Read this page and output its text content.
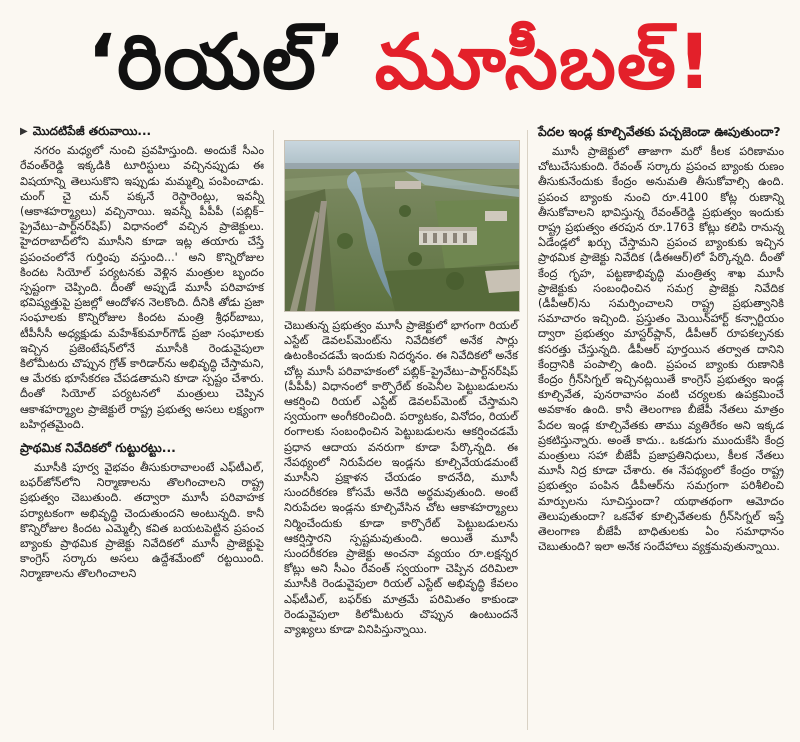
‘రియల్’ మూసీబత్!
▶ మొదటిపేజీ తరువాయి...

నగరం మధ్యలో నుంచి ప్రవహిస్తుంది. అందుకే సీఎం రేవంత్‌రెడ్డి ఇక్కడికి టూరిస్టులు వచ్చినప్పుడు ఈ విషయాన్ని తెలుసుకొని ఇప్పుడు మమ్మల్ని పంపించాడు. చుంగ్ చై చున్ పక్కనే రెస్టారెంట్లు, ఇవన్నీ (ఆకాశహర్మ్యాలు) వచ్చినాయి. ఇవన్నీ పీపీపీ (పబ్లిక్–ప్రైవేటు–పార్ట్‌నర్‌షిప్) విధానంలో వచ్చిన ప్రాజెక్టులు. హైదరాబాద్‌లోని మూసీని కూడా ఇట్ల తయారు చేస్తే ప్రపంచంలోనే గుర్తింపు వస్తుంది...' అని కొన్నిరోజుల కిందట సియోల్ పర్యటనకు వెళ్లిన మంత్రుల బృందం స్పష్టంగా చెప్పింది. దీంతో అప్పుడే మూసీ పరివాహక భవిష్యత్తుపై ప్రజల్లో ఆందోళన నెలకొంది. దీనికి తోడు ప్రజా సంఘాలకు కొన్నిరోజుల కిందట మంత్రి శ్రీధర్‌బాబు, టీపీసీసీ అధ్యక్షుడు మహేశ్‌కుమార్‌గౌడ్ ప్రజా సంఘాలకు ఇచ్చిన ప్రజెంటేషన్‌లోనే మూసీకి రెండువైపులా కిలోమీటరు చొప్పున గ్రోత్ కారిడార్‌ను అభివృద్ధి చేస్తామని, ఆ మేరకు భూసేకరణ చేపడతామని కూడా స్పష్టం చేశారు. దీంతో సియోల్ పర్యటనలో మంత్రులు చెప్పిన ఆకాశహర్మ్యాల ప్రాజెక్టులే రాష్ట్ర ప్రభుత్వ అసలు లక్ష్యంగా బహిర్గతమైంది.

ప్రాథమిక నివేదికలో గుట్టురట్టు...

మూసీకి పూర్వ వైభవం తీసుకురావాలంటే ఎఫ్‌టీఎల్, బఫర్‌జోన్‌లోని నిర్మాణాలను తొలగించాలని రాష్ట్ర ప్రభుత్వం చెబుతుంది. తద్వారా మూసీ పరివాహక పర్యాటకంగా అభివృద్ధి చెందుతుందని అంటున్నది. కానీ కొన్నిరోజుల కిందట ఎమ్మెల్సీ కవిత బయటపెట్టిన ప్రపంచ బ్యాంకు ప్రాథమిక ప్రాజెక్టు నివేదికలో మూసీ ప్రాజెక్టుపై కాంగ్రెస్ సర్కారు అసలు ఉద్దేశమేంటో రట్టయింది. నిర్మాణాలను తొలగించాలని

చెబుతున్న ప్రభుత్వం మూసీ ప్రాజెక్టులో భాగంగా రియల్ ఎస్టేట్ డెవలప్‌మెంట్‌ను నివేదికలో అనేక సార్లు ఉటంకించడమే ఇందుకు నిదర్శనం. ఈ నివేదికలో అనేక చోట్ల మూసీ పరివాహకంలో పబ్లిక్–ప్రైవేటు–పార్ట్‌నర్‌షిప్ (పీపీపీ) విధానంలో కార్పొరేట్ కంపెనీల పెట్టుబడులను ఆకర్షించి రియల్ ఎస్టేట్ డెవలప్‌మెంట్ చేస్తామని స్వయంగా అంగీకరించింది. పర్యాటకం, వినోదం, రియల్ రంగాలకు సంబంధించిన పెట్టుబడులను ఆకర్షించడమే ప్రధాన ఆదాయ వనరుగా కూడా పేర్కొన్నది. ఈ నేపథ్యంలో నిరుపేదల ఇండ్లను కూల్చివేయడమంటే మూసీని ప్రక్షాళన చేయడం కాదనేది, మూసీ సుందరీకరణ కోసమే అనేది అర్థమవుతుంది. అంటే నిరుపేదల ఇండ్లను కూల్చివేసిన చోట ఆకాశహర్మ్యాలు నిర్మించేందుకు కూడా కార్పొరేట్ పెట్టుబడులను ఆకర్షిస్తారని స్పష్టమవుతుంది. అయితే మూసీ సుందరీకరణ ప్రాజెక్టు అంచనా వ్యయం రూ.లక్షన్నర కోట్లు అని సీఎం రేవంత్ స్వయంగా చెప్పిన దరిమిలా మూసీకి రెండువైపులా రియల్ ఎస్టేట్ అభివృద్ధి కేవలం ఎఫ్‌టీఎల్, బఫర్‌కు మాత్రమే పరిమితం కాకుండా రెండువైపులా కిలోమీటరు చొప్పున ఉంటుందనే వ్యాఖ్యలు కూడా వినిపిస్తున్నాయి.

పేదల ఇండ్ల కూల్చివేతకు పచ్చజెండా ఊపుతుందా?

మూసీ ప్రాజెక్టులో తాజాగా మరో కీలక పరిణామం చోటుచేసుకుంది. రేవంత్ సర్కారు ప్రపంచ బ్యాంకు రుణం తీసుకునేందుకు కేంద్రం అనుమతి తీసుకోవాల్సి ఉంది. ప్రపంచ బ్యాంకు నుంచి రూ.4100 కోట్ల రుణాన్ని తీసుకోవాలని భావిస్తున్న రేవంత్‌రెడ్డి ప్రభుత్వం ఇందుకు రాష్ట్ర ప్రభుత్వం తరపున రూ.1763 కోట్లు కలిపి రానున్న ఏడేండ్లలో ఖర్చు చేస్తామని ప్రపంచ బ్యాంకుకు ఇచ్చిన ప్రాథమిక ప్రాజెక్టు నివేదిక (డీఈఆర్)లో పేర్కొన్నది. దీంతో కేంద్ర గృహ, పట్టణాభివృద్ధి మంత్రిత్వ శాఖ మూసీ ప్రాజెక్టుకు సంబంధించిన సమగ్ర ప్రాజెక్టు నివేదిక (డీపీఆర్)ను సమర్పించాలని రాష్ట్ర ప్రభుత్వానికి సమాచారం ఇచ్చింది. ప్రస్తుతం మెయిన్‌హార్ట్ కన్సార్టియం ద్వారా ప్రభుత్వం మాస్టర్‌ప్లాన్, డీపీఆర్ రూపకల్పనకు కసరత్తు చేస్తున్నది. డీపీఆర్ పూర్తయిన తర్వాత దానిని కేంద్రానికి పంపాల్సి ఉంది. ప్రపంచ బ్యాంకు రుణానికి కేంద్రం గ్రీన్‌సిగ్నల్ ఇచ్చినట్లయితే కాంగ్రెస్ ప్రభుత్వం ఇండ్ల కూల్చివేత, పునరావాసం వంటి చర్యలకు ఉపక్రమించే అవకాశం ఉంది. కానీ తెలంగాణ బీజేపీ నేతలు మాత్రం పేదల ఇండ్ల కూల్చివేతకు తాము వ్యతిరేకం అని ఇక్కడ ప్రకటిస్తున్నారు. అంతే కాదు.. ఒకడుగు ముందుకేసి కేంద్ర మంత్రులు సహా బీజేపీ ప్రజాప్రతినిధులు, కీలక నేతలు మూసీ నిద్ర కూడా చేశారు. ఈ నేపథ్యంలో కేంద్రం రాష్ట్ర ప్రభుత్వం పంపిన డీపీఆర్‌ను సమగ్రంగా పరిశీలించి మార్పులను సూచిస్తుందా? యథాతథంగా ఆమోదం తెలుపుతుందా? ఒకవేళ కూల్చివేతలకు గ్రీన్‌సిగ్నల్ ఇస్తే తెలంగాణ బీజేపీ బాధితులకు ఏం సమాధానం చెబుతుంది? ఇలా అనేక సందేహాలు వ్యక్తమవుతున్నాయి.
